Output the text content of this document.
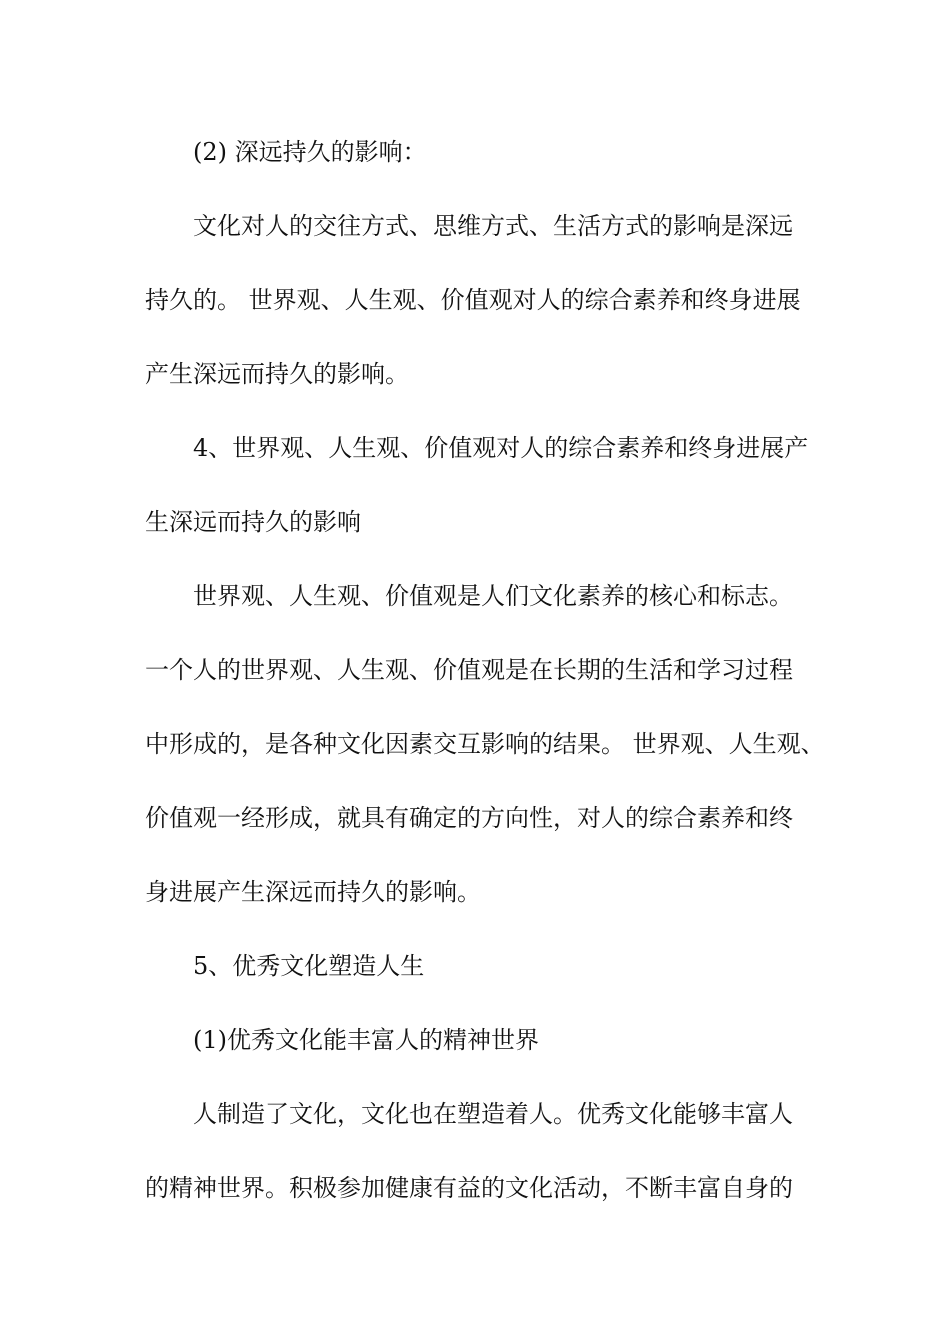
(2) 深远持久的影响：
文化对人的交往方式、思维方式、生活方式的影响是深远
持久的。 世界观、人生观、价值观对人的综合素养和终身进展
产生深远而持久的影响。
4、世界观、人生观、价值观对人的综合素养和终身进展产
生深远而持久的影响
世界观、人生观、价值观是人们文化素养的核心和标志。
一个人的世界观、人生观、价值观是在长期的生活和学习过程
中形成的，是各种文化因素交互影响的结果。 世界观、人生观、
价值观一经形成，就具有确定的方向性，对人的综合素养和终
身进展产生深远而持久的影响。
5、优秀文化塑造人生
(1)优秀文化能丰富人的精神世界
人制造了文化，文化也在塑造着人。优秀文化能够丰富人
的精神世界。积极参加健康有益的文化活动，不断丰富自身的
